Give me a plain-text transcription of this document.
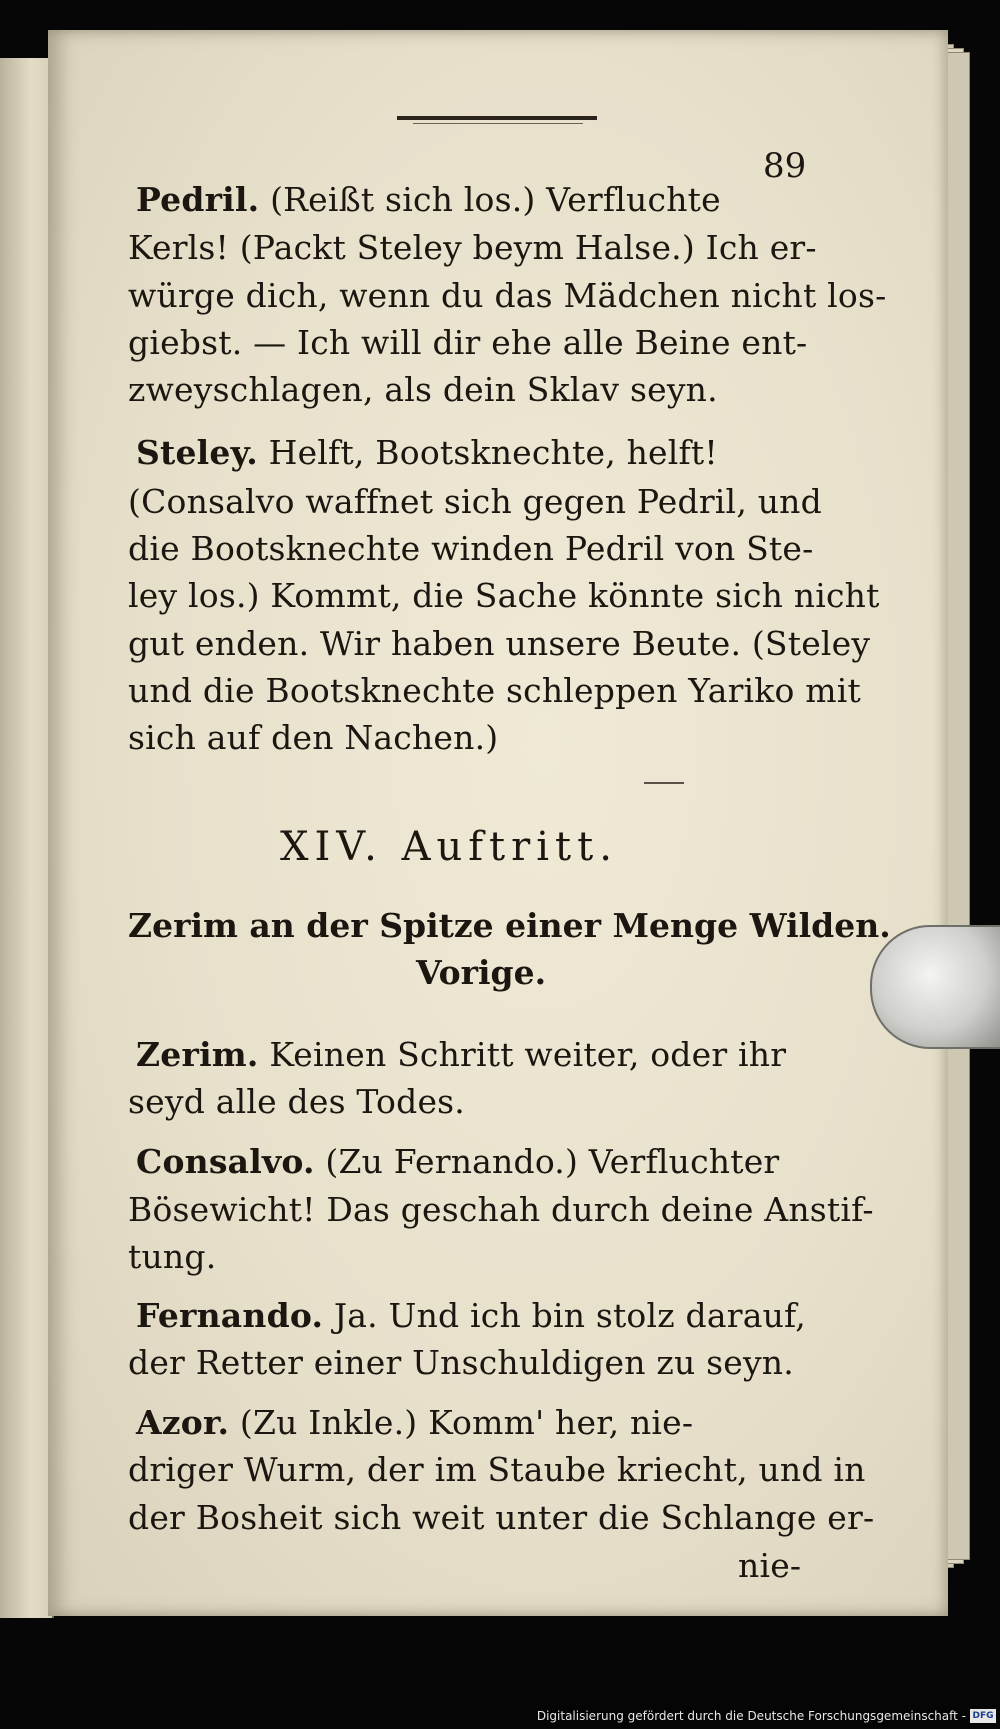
89
Pedril. (Reißt sich los.) Verfluchte
Kerls! (Packt Steley beym Halse.) Ich er-
würge dich, wenn du das Mädchen nicht los-
giebst. — Ich will dir ehe alle Beine ent-
zweyschlagen, als dein Sklav seyn.
Steley. Helft, Bootsknechte, helft!
(Consalvo waffnet sich gegen Pedril, und
die Bootsknechte winden Pedril von Ste-
ley los.) Kommt, die Sache könnte sich nicht
gut enden. Wir haben unsere Beute. (Steley
und die Bootsknechte schleppen Yariko mit
sich auf den Nachen.)
XIV. Auftritt.
Zerim an der Spitze einer Menge Wilden.
Vorige.
Zerim. Keinen Schritt weiter, oder ihr
seyd alle des Todes.
Consalvo. (Zu Fernando.) Verfluchter
Bösewicht! Das geschah durch deine Anstif-
tung.
Fernando. Ja. Und ich bin stolz darauf,
der Retter einer Unschuldigen zu seyn.
Azor. (Zu Inkle.) Komm' her, nie-
driger Wurm, der im Staube kriecht, und in
der Bosheit sich weit unter die Schlange er-
nie-
Digitalisierung gefördert durch die Deutsche Forschungsgemeinschaft - DFG
